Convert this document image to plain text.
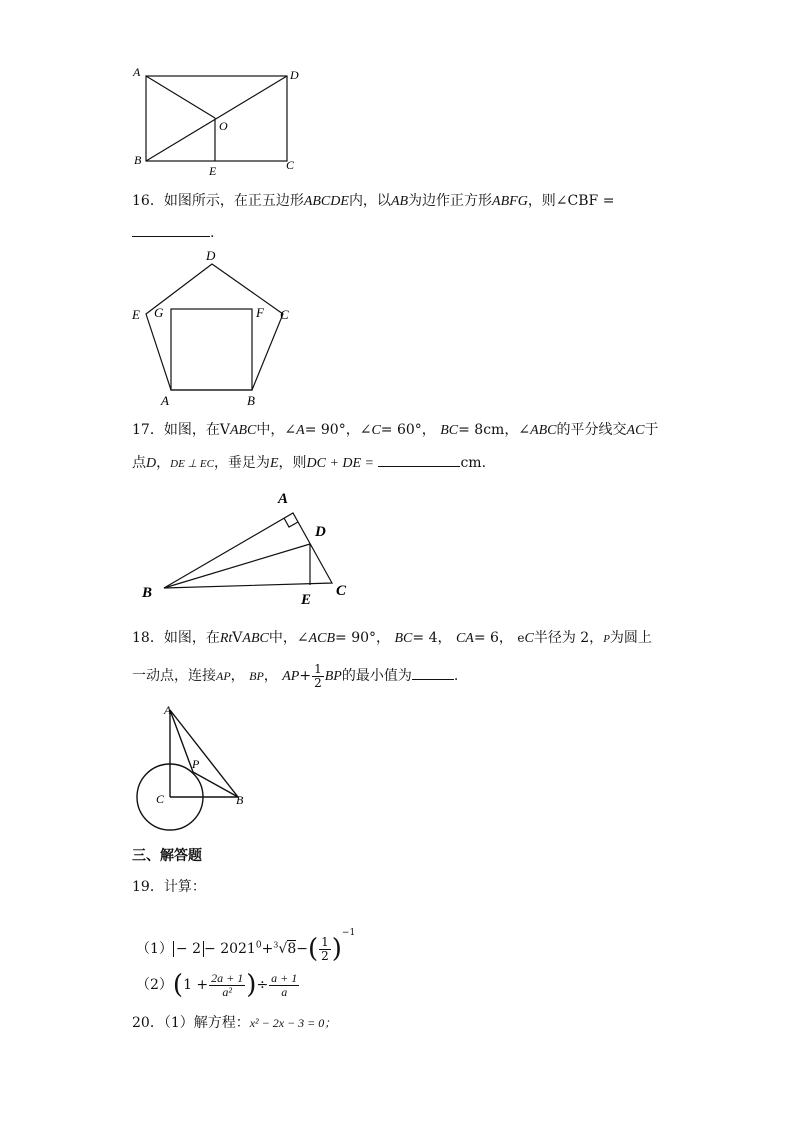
A	D
O
B
E	C
16．如图所示，在正五边形ABCDE内，以AB为边作正方形ABFG，则∠CBF =
.
D
E G	F C
A	B
17．如图，在VABC中，∠A= 90°，∠C= 60°， BC= 8cm，∠ABC的平分线交AC于
点D，DE ⊥ EC，垂足为E，则DC + DE =	cm.
A
D
B	E
C
18．如图，在RtVABC中，∠ACB= 90°， BC= 4， CA= 6， eC半径为 2，P为圆上
一动点，连接AP， BP， $AP+ \frac{1}{2}$ BP的最小值为	.
A
P
C	B
三、解答题
19．计算：
$(1) - 2 - 2021^0+^3√8-( \frac{1}{2} )^{-1}$
$(2)(1 + \frac{2a + 1}{\text{a²}}$ )÷ $\frac{a + 1}{a}$
20．（1）解方程：x² − 2x − 3 = 0；
